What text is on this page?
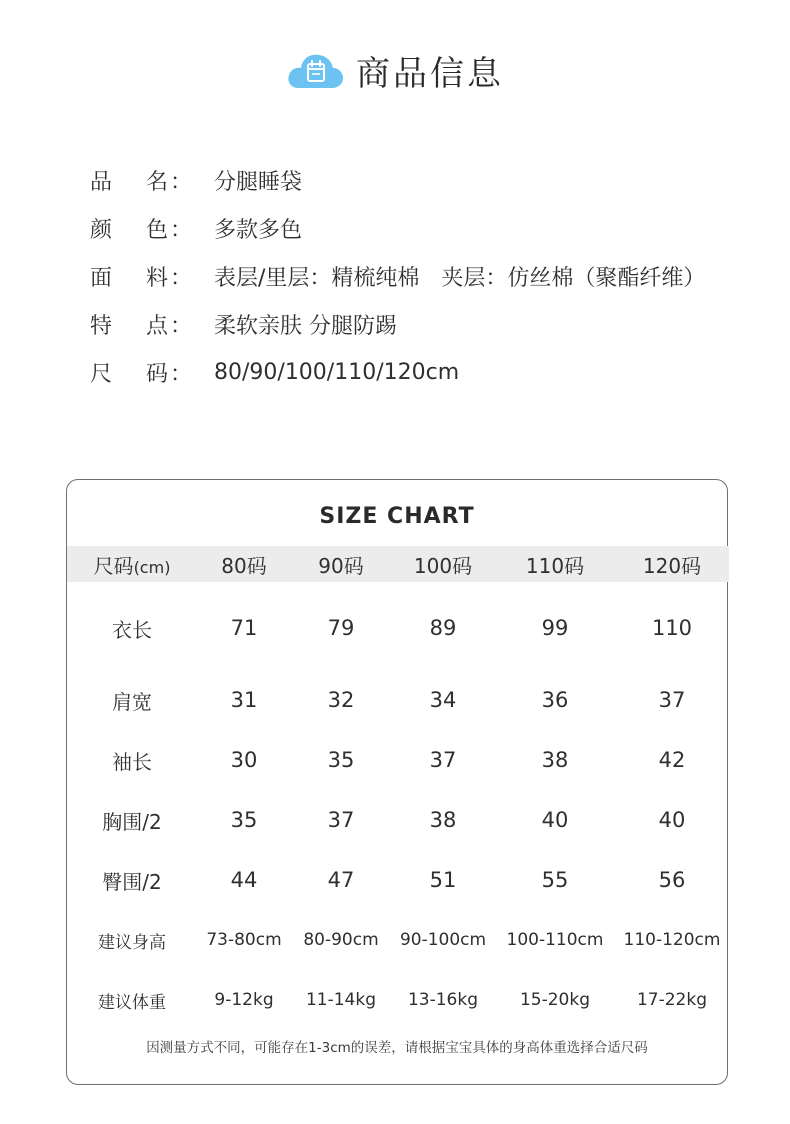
商品信息
品	名 ： 分腿睡袋
颜	色 ： 多款多色
面	料 ： 表层/里层：精梳纯棉　夹层：仿丝棉（聚酯纤维）
特	点 ： 柔软亲肤 分腿防踢
尺	码 ： 80/90/100/110/120cm
SIZE CHART
尺码(cm)	80码	90码	100码	110码	120码
衣长	71	79	89	99	110
肩宽	31	32	34	36	37
袖长	30	35	37	38	42
胸围/2	35	37	38	40	40
臀围/2	44	47	51	55	56
建议身高	73-80cm	80-90cm	90-100cm	100-110cm	110-120cm
建议体重	9-12kg	11-14kg	13-16kg	15-20kg	17-22kg
因测量方式不同，可能存在1-3cm的误差，请根据宝宝具体的身高体重选择合适尺码
